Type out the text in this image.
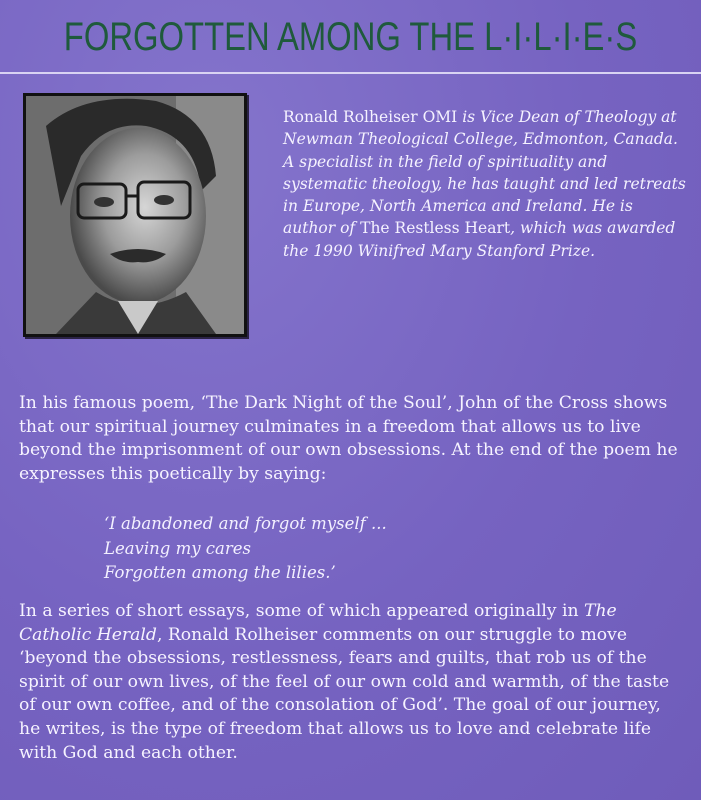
FORGOTTEN AMONG THE L·I·L·I·E·S
Ronald Rolheiser OMI is Vice Dean of Theology at Newman Theological College, Edmonton, Canada. A specialist in the field of spirituality and systematic theology, he has taught and led retreats in Europe, North America and Ireland. He is author of The Restless Heart, which was awarded the 1990 Winifred Mary Stanford Prize.
In his famous poem, ‘The Dark Night of the Soul’, John of the Cross shows that our spiritual journey culminates in a freedom that allows us to live beyond the imprisonment of our own obsessions. At the end of the poem he expresses this poetically by saying:
‘I abandoned and forgot myself ...
Leaving my cares
Forgotten among the lilies.’
In a series of short essays, some of which appeared originally in The Catholic Herald, Ronald Rolheiser comments on our struggle to move ‘beyond the obsessions, restlessness, fears and guilts, that rob us of the spirit of our own lives, of the feel of our own cold and warmth, of the taste of our own coffee, and of the consolation of God’. The goal of our journey, he writes, is the type of freedom that allows us to love and celebrate life with God and each other.
